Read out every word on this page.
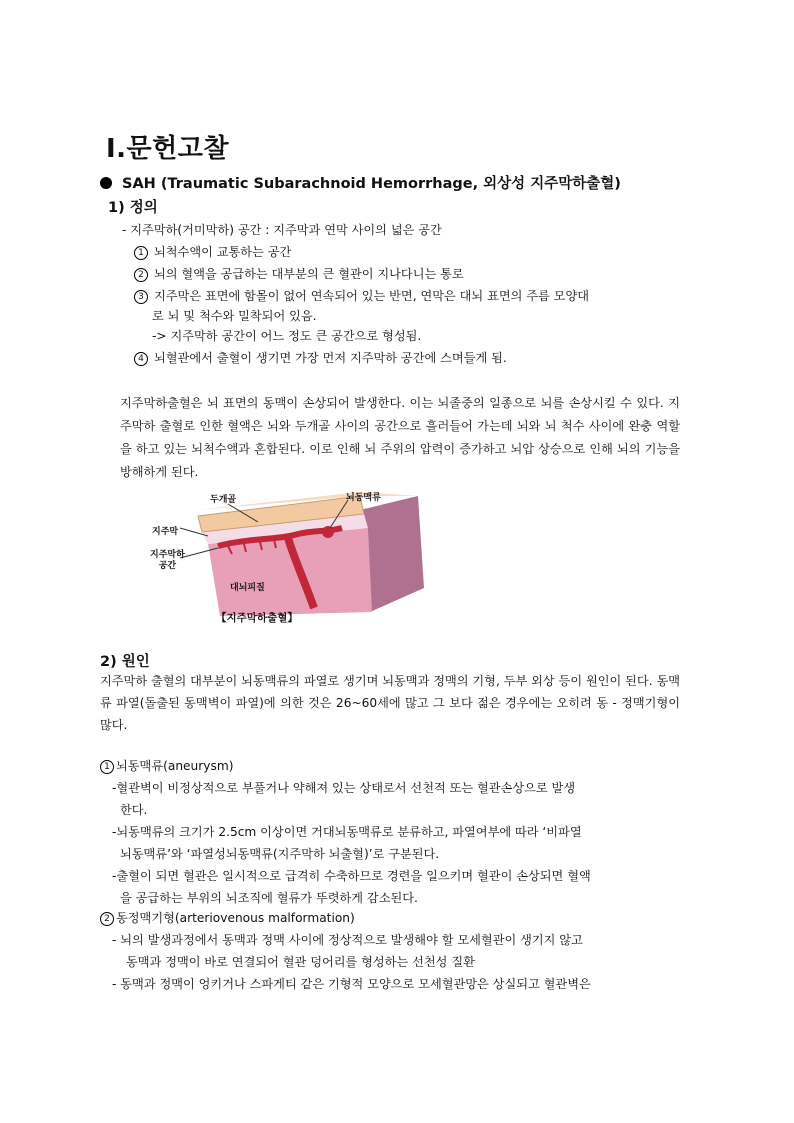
Ⅰ.문헌고찰
SAH (Traumatic Subarachnoid Hemorrhage, 외상성 지주막하출혈)
1) 정의
- 지주막하(거미막하) 공간 : 지주막과 연막 사이의 넓은 공간
1 뇌척수액이 교통하는 공간
2 뇌의 혈액을 공급하는 대부분의 큰 혈관이 지나다니는 통로
3 지주막은 표면에 함몰이 없어 연속되어 있는 반면, 연막은 대뇌 표면의 주름 모양대
로 뇌 및 척수와 밀착되어 있음.
-> 지주막하 공간이 어느 정도 큰 공간으로 형성됨.
4 뇌혈관에서 출혈이 생기면 가장 먼저 지주막하 공간에 스며들게 됨.
지주막하출혈은 뇌 표면의 동맥이 손상되어 발생한다. 이는 뇌졸중의 일종으로 뇌를 손상시킬 수 있다. 지주막하 출혈로 인한 혈액은 뇌와 두개골 사이의 공간으로 흘러들어 가는데 뇌와 뇌 척수 사이에 완충 역할을 하고 있는 뇌척수액과 혼합된다. 이로 인해 뇌 주위의 압력이 증가하고 뇌압 상승으로 인해 뇌의 기능을 방해하게 된다.
두개골	뇌동맥류
지주막
지주막하
공간
대뇌피질
【지주막하출혈】
2) 원인
지주막하 출혈의 대부분이 뇌동맥류의 파열로 생기며 뇌동맥과 정맥의 기형, 두부 외상 등이 원인이 된다. 동맥류 파열(돌출된 동맥벽이 파열)에 의한 것은 26~60세에 많고 그 보다 젊은 경우에는 오히려 동 - 정맥기형이 많다.
1 뇌동맥류(aneurysm)
-혈관벽이 비정상적으로 부풀거나 약해져 있는 상태로서 선천적 또는 혈관손상으로 발생
한다.
-뇌동맥류의 크기가 2.5cm 이상이면 거대뇌동맥류로 분류하고, 파열여부에 따라 ‘비파열
뇌동맥류’와 ‘파열성뇌동맥류(지주막하 뇌출혈)’로 구분된다.
-출혈이 되면 혈관은 일시적으로 급격히 수축하므로 경련을 일으키며 혈관이 손상되면 혈액
을 공급하는 부위의 뇌조직에 혈류가 뚜렷하게 감소된다.
2 동정맥기형(arteriovenous malformation)
- 뇌의 발생과정에서 동맥과 정맥 사이에 정상적으로 발생해야 할 모세혈관이 생기지 않고
동맥과 정맥이 바로 연결되어 혈관 덩어리를 형성하는 선천성 질환
- 동맥과 정맥이 엉키거나 스파게티 같은 기형적 모양으로 모세혈관망은 상실되고 혈관벽은
